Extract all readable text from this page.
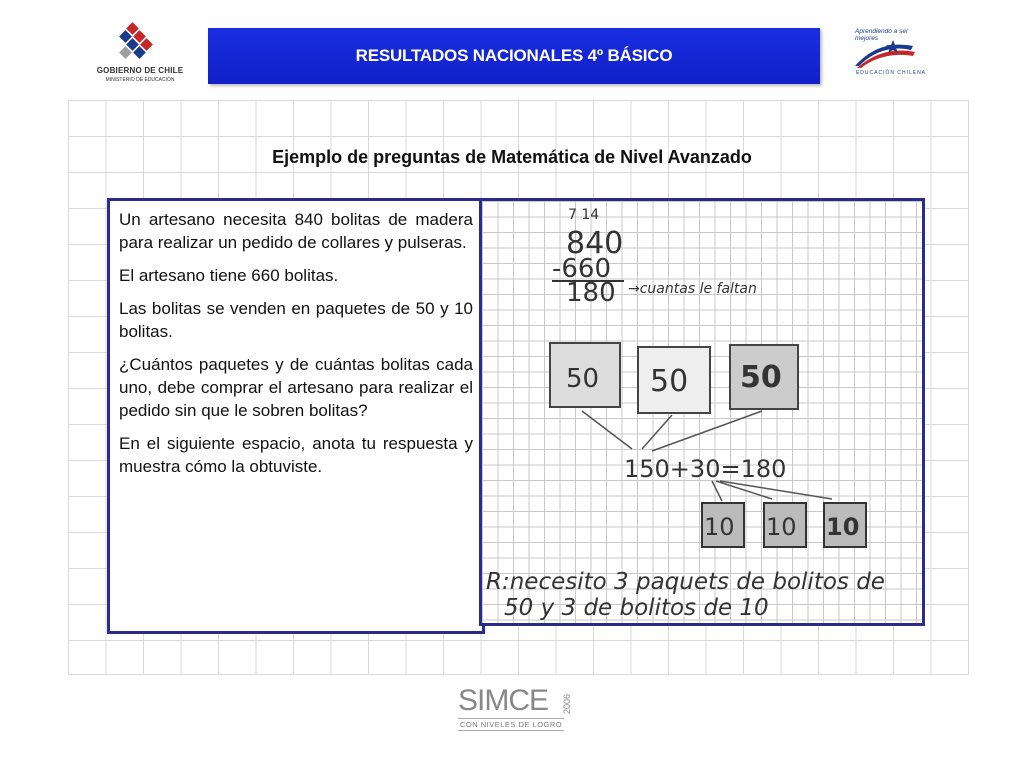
GOBIERNO DE CHILE
MINISTERIO DE EDUCACIÓN
RESULTADOS NACIONALES 4º BÁSICO
Aprendiendo a ser mejores
EDUCACIÓN CHILENA
Ejemplo de preguntas de Matemática de Nivel Avanzado

Un artesano necesita 840 bolitas de madera para realizar un pedido de collares y pulseras.

El artesano tiene 660 bolitas.

Las bolitas se venden en paquetes de 50 y 10 bolitas.

¿Cuántos paquetes y de cuántas bolitas cada uno, debe comprar el artesano para realizar el pedido sin que le sobren bolitas?

En el siguiente espacio, anota tu respuesta y muestra cómo la obtuviste.

7 14
840
-660
180 →cuantas le faltan
50 50 50
150+30=180
10 10 10
R:necesito 3 paquets de bolitos de
50 y 3 de bolitos de 10
SIMCE 2006
CON NIVELES DE LOGRO
